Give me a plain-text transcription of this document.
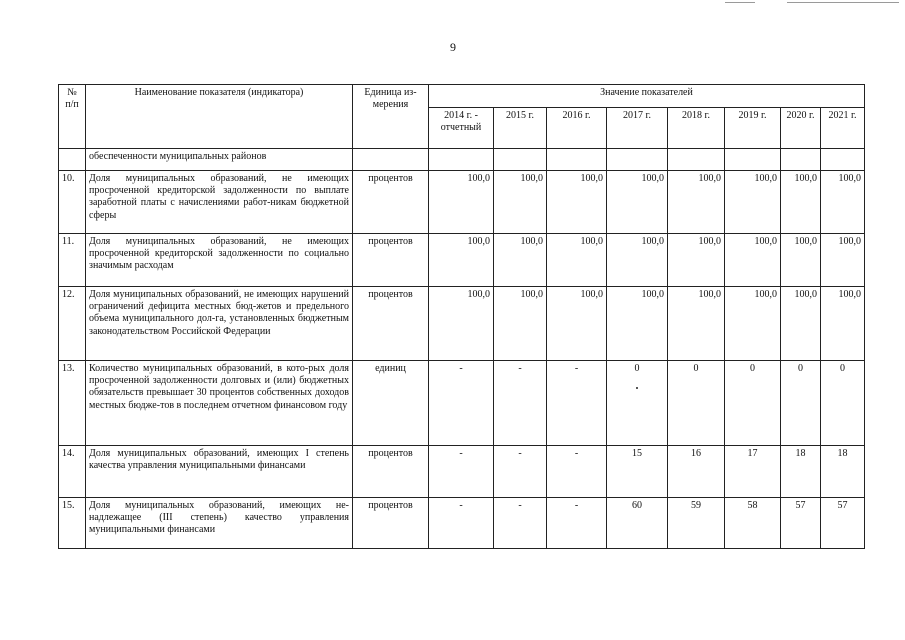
9
№ п/п	Наименование показателя (индикатора)	Единица из-мерения	Значение показателей							
			2014 г. - отчетный	2015 г.	2016 г.	2017 г.	2018 г.	2019 г.	2020 г.	2021 г.
	обеспеченности муниципальных районов									
10.	Доля муниципальных образований, не имеющих просроченной кредиторской задолженности по выплате заработной платы с начислениями работ-никам бюджетной сферы	процентов	100,0	100,0	100,0	100,0	100,0	100,0	100,0	100,0
11.	Доля муниципальных образований, не имеющих просроченной кредиторской задолженности по социально значимым расходам	процентов	100,0	100,0	100,0	100,0	100,0	100,0	100,0	100,0
12.	Доля муниципальных образований, не имеющих нарушений ограничений дефицита местных бюд-жетов и предельного объема муниципального дол-га, установленных бюджетным законодательством Российской Федерации	процентов	100,0	100,0	100,0	100,0	100,0	100,0	100,0	100,0
13.	Количество муниципальных образований, в кото-рых доля просроченной задолженности долговых и (или) бюджетных обязательств превышает 30 процентов собственных доходов местных бюдже-тов в последнем отчетном финансовом году	единиц	-	-	-	0	0	0	0	0
14.	Доля муниципальных образований, имеющих I степень качества управления муниципальными финансами	процентов	-	-	-	15	16	17	18	18
15.	Доля муниципальных образований, имеющих не-надлежащее (III степень) качество управления муниципальными финансами	процентов	-	-	-	60	59	58	57	57
